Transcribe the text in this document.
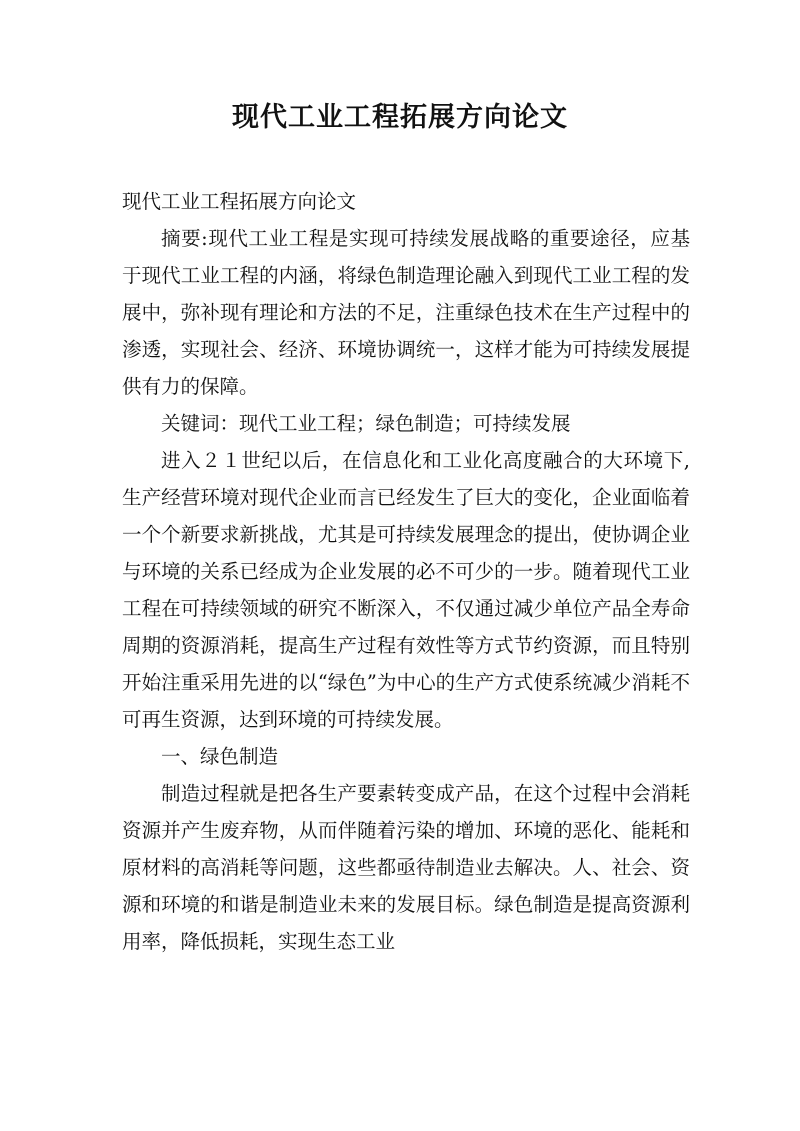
现代工业工程拓展方向论文

现代工业工程拓展方向论文

摘要:现代工业工程是实现可持续发展战略的重要途径，应基于现代工业工程的内涵，将绿色制造理论融入到现代工业工程的发展中，弥补现有理论和方法的不足，注重绿色技术在生产过程中的渗透，实现社会、经济、环境协调统一，这样才能为可持续发展提供有力的保障。

关键词：现代工业工程；绿色制造；可持续发展

进入２１世纪以后，在信息化和工业化高度融合的大环境下,生产经营环境对现代企业而言已经发生了巨大的变化，企业面临着一个个新要求新挑战，尤其是可持续发展理念的提出，使协调企业与环境的关系已经成为企业发展的必不可少的一步。随着现代工业工程在可持续领域的研究不断深入，不仅通过减少单位产品全寿命周期的资源消耗，提高生产过程有效性等方式节约资源，而且特别开始注重采用先进的以“绿色”为中心的生产方式使系统减少消耗不可再生资源，达到环境的可持续发展。

一、绿色制造

制造过程就是把各生产要素转变成产品，在这个过程中会消耗资源并产生废弃物，从而伴随着污染的增加、环境的恶化、能耗和原材料的高消耗等问题，这些都亟待制造业去解决。人、社会、资源和环境的和谐是制造业未来的发展目标。绿色制造是提高资源利用率，降低损耗，实现生态工业
